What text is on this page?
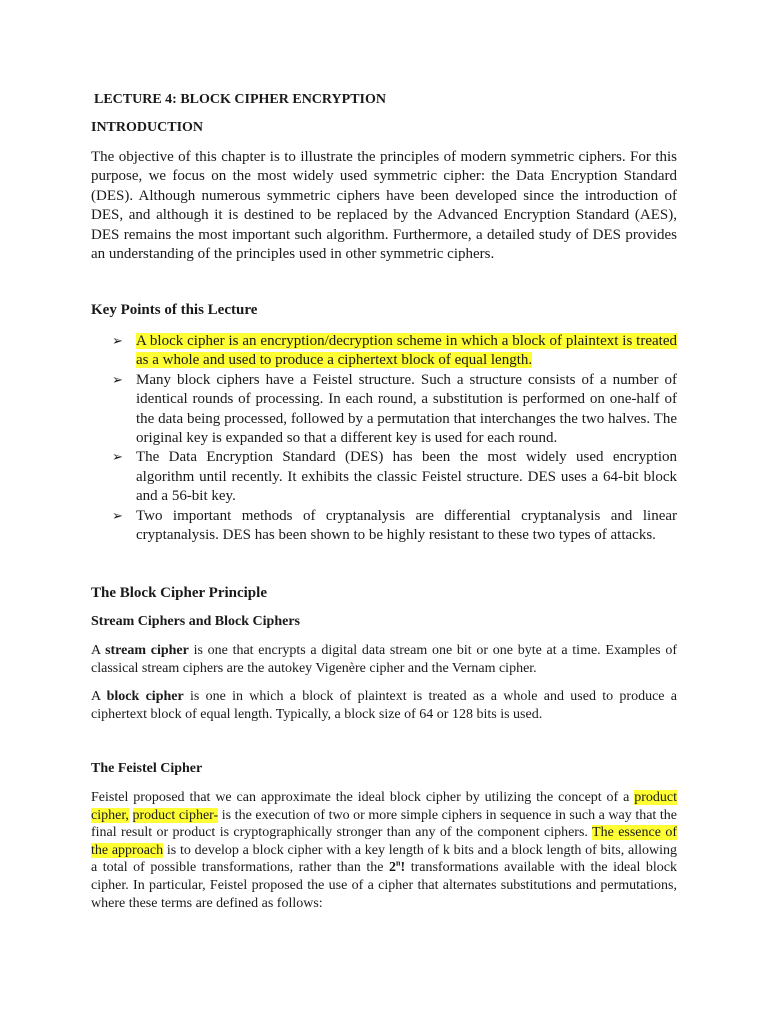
LECTURE 4: BLOCK CIPHER ENCRYPTION
INTRODUCTION

The objective of this chapter is to illustrate the principles of modern symmetric ciphers. For this purpose, we focus on the most widely used symmetric cipher: the Data Encryption Standard (DES). Although numerous symmetric ciphers have been developed since the introduction of DES, and although it is destined to be replaced by the Advanced Encryption Standard (AES), DES remains the most important such algorithm. Furthermore, a detailed study of DES provides an understanding of the principles used in other symmetric ciphers.

Key Points of this Lecture
➢ A block cipher is an encryption/decryption scheme in which a block of plaintext is treated as a whole and used to produce a ciphertext block of equal length.
➢ Many block ciphers have a Feistel structure. Such a structure consists of a number of identical rounds of processing. In each round, a substitution is performed on one-half of the data being processed, followed by a permutation that interchanges the two halves. The original key is expanded so that a different key is used for each round.
➢ The Data Encryption Standard (DES) has been the most widely used encryption algorithm until recently. It exhibits the classic Feistel structure. DES uses a 64-bit block and a 56-bit key.
➢ Two important methods of cryptanalysis are differential cryptanalysis and linear cryptanalysis. DES has been shown to be highly resistant to these two types of attacks.
The Block Cipher Principle
Stream Ciphers and Block Ciphers

A stream cipher is one that encrypts a digital data stream one bit or one byte at a time. Examples of classical stream ciphers are the autokey Vigenère cipher and the Vernam cipher.

A block cipher is one in which a block of plaintext is treated as a whole and used to produce a ciphertext block of equal length. Typically, a block size of 64 or 128 bits is used.

The Feistel Cipher

Feistel proposed that we can approximate the ideal block cipher by utilizing the concept of a product cipher, product cipher- is the execution of two or more simple ciphers in sequence in such a way that the final result or product is cryptographically stronger than any of the component ciphers. The essence of the approach is to develop a block cipher with a key length of k bits and a block length of bits, allowing a total of possible transformations, rather than the 2$^n$! transformations available with the ideal block cipher. In particular, Feistel proposed the use of a cipher that alternates substitutions and permutations, where these terms are defined as follows:
